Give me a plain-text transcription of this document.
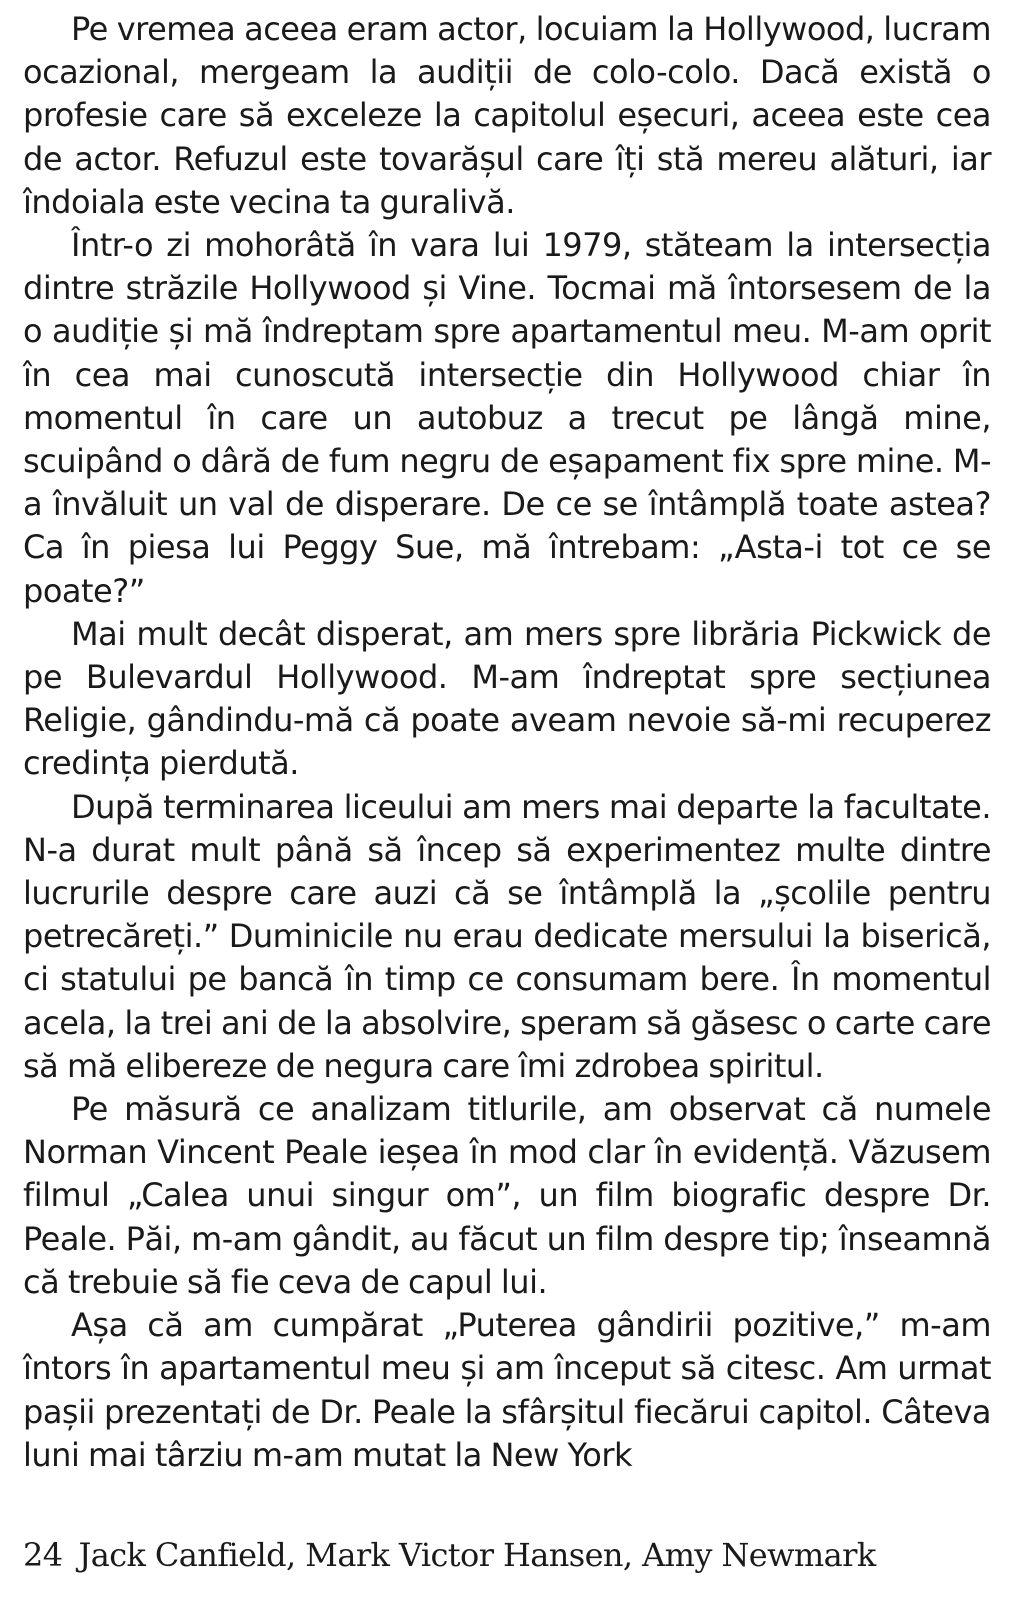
Pe vremea aceea eram actor, locuiam la Hollywood, lucram ocazional, mergeam la audiții de colo-colo. Dacă există o profesie care să exceleze la capitolul eșecuri, aceea este cea de actor. Refuzul este tovarășul care îți stă mereu alături, iar îndoiala este vecina ta guralivă.

Într-o zi mohorâtă în vara lui 1979, stăteam la intersecția dintre străzile Hollywood și Vine. Tocmai mă întorsesem de la o audiție și mă îndreptam spre apartamentul meu. M-am oprit în cea mai cunoscută intersecție din Hollywood chiar în momentul în care un autobuz a trecut pe lângă mine, scuipând o dâră de fum negru de eșapament fix spre mine. M-a învăluit un val de disperare. De ce se întâmplă toate astea? Ca în piesa lui Peggy Sue, mă întrebam: „Asta-i tot ce se poate?”

Mai mult decât disperat, am mers spre librăria Pickwick de pe Bulevardul Hollywood. M-am îndreptat spre secțiunea Religie, gândindu-mă că poate aveam nevoie să-mi recuperez credința pierdută.

După terminarea liceului am mers mai departe la facultate. N-a durat mult până să încep să experimentez multe dintre lucrurile despre care auzi că se întâmplă la „școlile pentru petrecăreți.” Duminicile nu erau dedicate mersului la biserică, ci statului pe bancă în timp ce consumam bere. În momentul acela, la trei ani de la absolvire, speram să găsesc o carte care să mă elibereze de negura care îmi zdrobea spiritul.

Pe măsură ce analizam titlurile, am observat că numele Norman Vincent Peale ieșea în mod clar în evidență. Văzusem filmul „Calea unui singur om”, un film biografic despre Dr. Peale. Păi, m-am gândit, au făcut un film despre tip; înseamnă că trebuie să fie ceva de capul lui.

Așa că am cumpărat „Puterea gândirii pozitive,” m-am întors în apartamentul meu și am început să citesc. Am urmat pașii prezentați de Dr. Peale la sfârșitul fiecărui capitol. Câteva luni mai târziu m-am mutat la New York

24 Jack Canfield, Mark Victor Hansen, Amy Newmark
